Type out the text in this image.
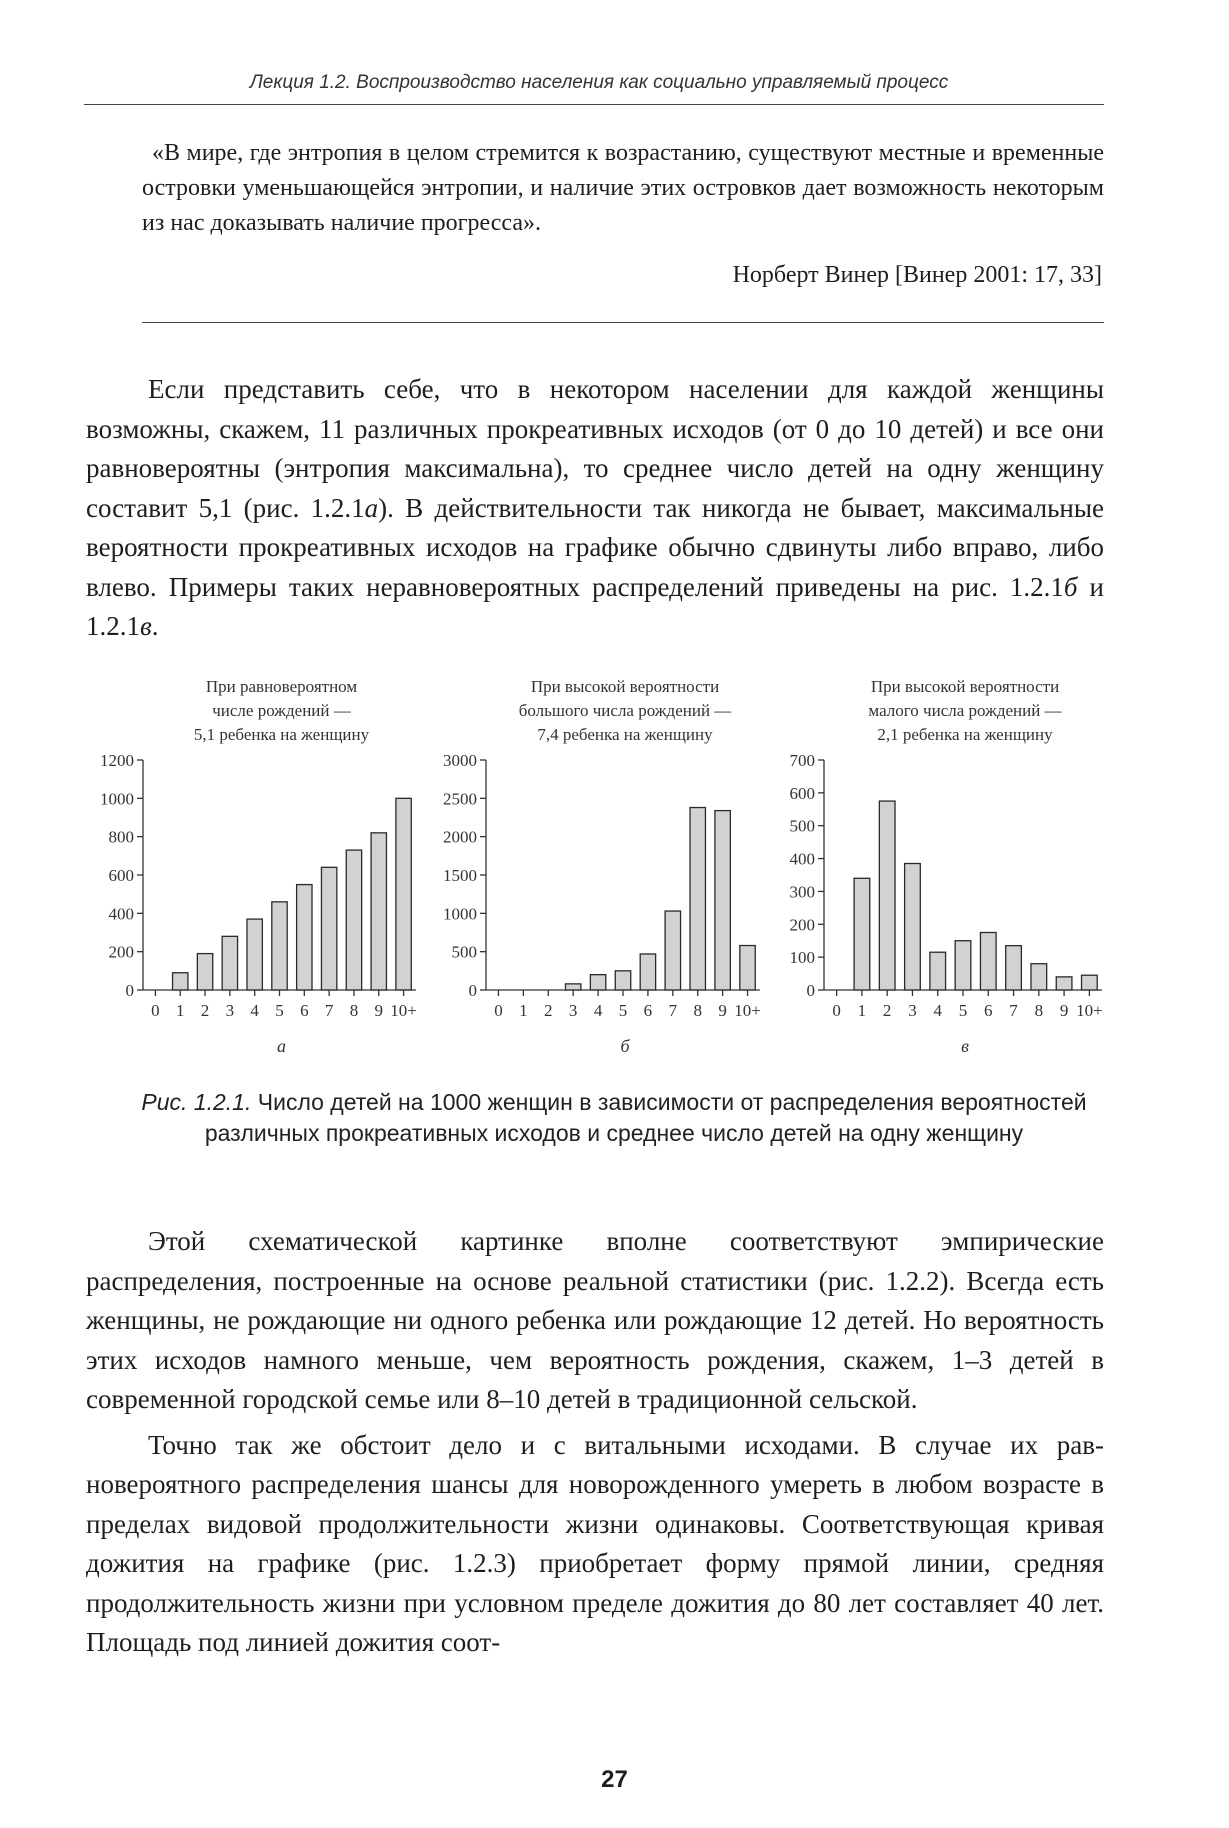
Лекция 1.2. Воспроизводство населения как социально управляемый процесс
«В мире, где энтропия в целом стремится к возрастанию, существуют местные и временные островки уменьшающейся энтропии, и наличие этих островков дает возможность некоторым из нас доказывать наличие прогресса».
Норберт Винер [Винер 2001: 17, 33]

Если представить себе, что в некотором населении для каждой женщины возможны, скажем, 11 различных прокреативных исходов (от 0 до 10 детей) и все они равновероятны (энтропия максимальна), то среднее число детей на одну женщину составит 5,1 (рис. 1.2.1а). В действительности так никогда не бывает, максимальные вероятности прокреативных исходов на графике обычно сдвинуты либо вправо, либо влево. Примеры таких неравновероятных распределений приведены на рис. 1.2.1б и 1.2.1в.

При равновероятном
числе рождений —
5,1 ребенка на женщину
0
200
400
600
800
1000
1200
0 1 2 3 4 5 6 7 8 9 10+
а
При высокой вероятности
большого числа рождений —
7,4 ребенка на женщину
0
500
1000
1500
2000
2500
3000
0 1 2 3 4 5 6 7 8 9 10+
б
При высокой вероятности
малого числа рождений —
2,1 ребенка на женщину
0
100
200
300
400
500
600
700
0 1 2 3 4 5 6 7 8 9 10+
в
Рис. 1.2.1. Число детей на 1000 женщин в зависимости от распределения вероятностей различных прокреативных исходов и среднее число детей на одну женщину

Этой схематической картинке вполне соответствуют эмпирические распределения, построенные на основе реальной статистики (рис. 1.2.2). Всегда есть женщины, не рождающие ни одного ребенка или рождающие 12 детей. Но вероятность этих исходов намного меньше, чем вероятность рождения, скажем, 1–3 детей в современной городской семье или 8–10 детей в традиционной сельской.

Точно так же обстоит дело и с витальными исходами. В случае их равновероятного распределения шансы для новорожденного умереть в любом возрасте в пределах видовой продолжительности жизни одинаковы. Соответствующая кривая дожития на графике (рис. 1.2.3) приобретает форму прямой линии, средняя продолжительность жизни при условном пределе дожития до 80 лет составляет 40 лет. Площадь под линией дожития соот-

27
